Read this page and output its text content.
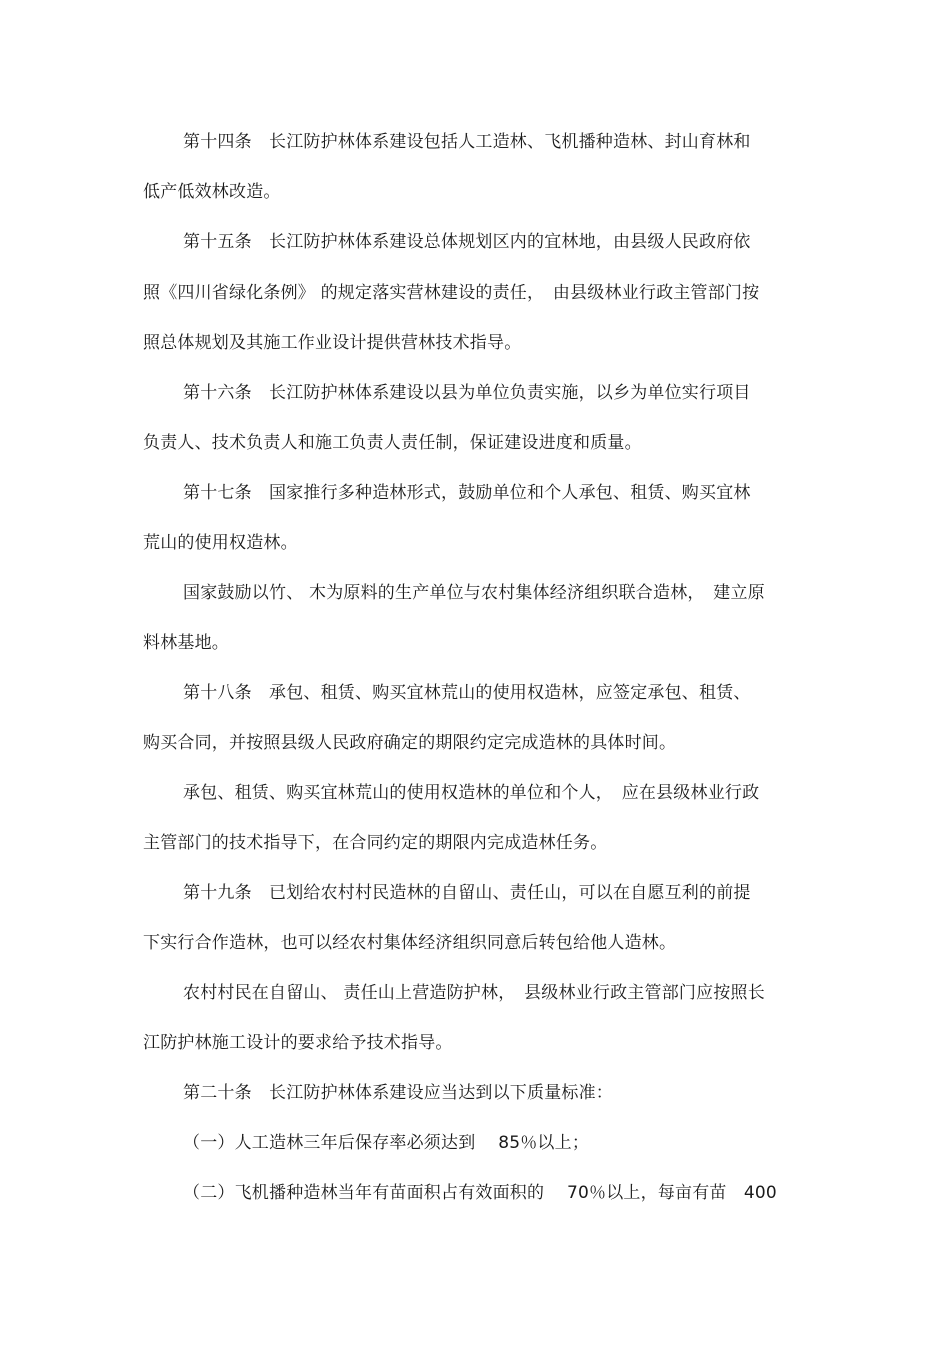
第十四条　长江防护林体系建设包括人工造林、飞机播种造林、封山育林和
低产低效林改造。
第十五条　长江防护林体系建设总体规划区内的宜林地，由县级人民政府依
照《四川省绿化条例》 的规定落实营林建设的责任，　由县级林业行政主管部门按
照总体规划及其施工作业设计提供营林技术指导。
第十六条　长江防护林体系建设以县为单位负责实施，以乡为单位实行项目
负责人、技术负责人和施工负责人责任制，保证建设进度和质量。
第十七条　国家推行多种造林形式，鼓励单位和个人承包、租赁、购买宜林
荒山的使用权造林。
国家鼓励以竹、 木为原料的生产单位与农村集体经济组织联合造林，　建立原
料林基地。
第十八条　承包、租赁、购买宜林荒山的使用权造林，应签定承包、租赁、
购买合同，并按照县级人民政府确定的期限约定完成造林的具体时间。
承包、租赁、购买宜林荒山的使用权造林的单位和个人，　应在县级林业行政
主管部门的技术指导下，在合同约定的期限内完成造林任务。
第十九条　已划给农村村民造林的自留山、责任山，可以在自愿互利的前提
下实行合作造林，也可以经农村集体经济组织同意后转包给他人造林。
农村村民在自留山、 责任山上营造防护林，　县级林业行政主管部门应按照长
江防护林施工设计的要求给予技术指导。
第二十条　长江防护林体系建设应当达到以下质量标准：
（一）人工造林三年后保存率必须达到　 85％以上；
（二）飞机播种造林当年有苗面积占有效面积的　 70％以上，每亩有苗　400
